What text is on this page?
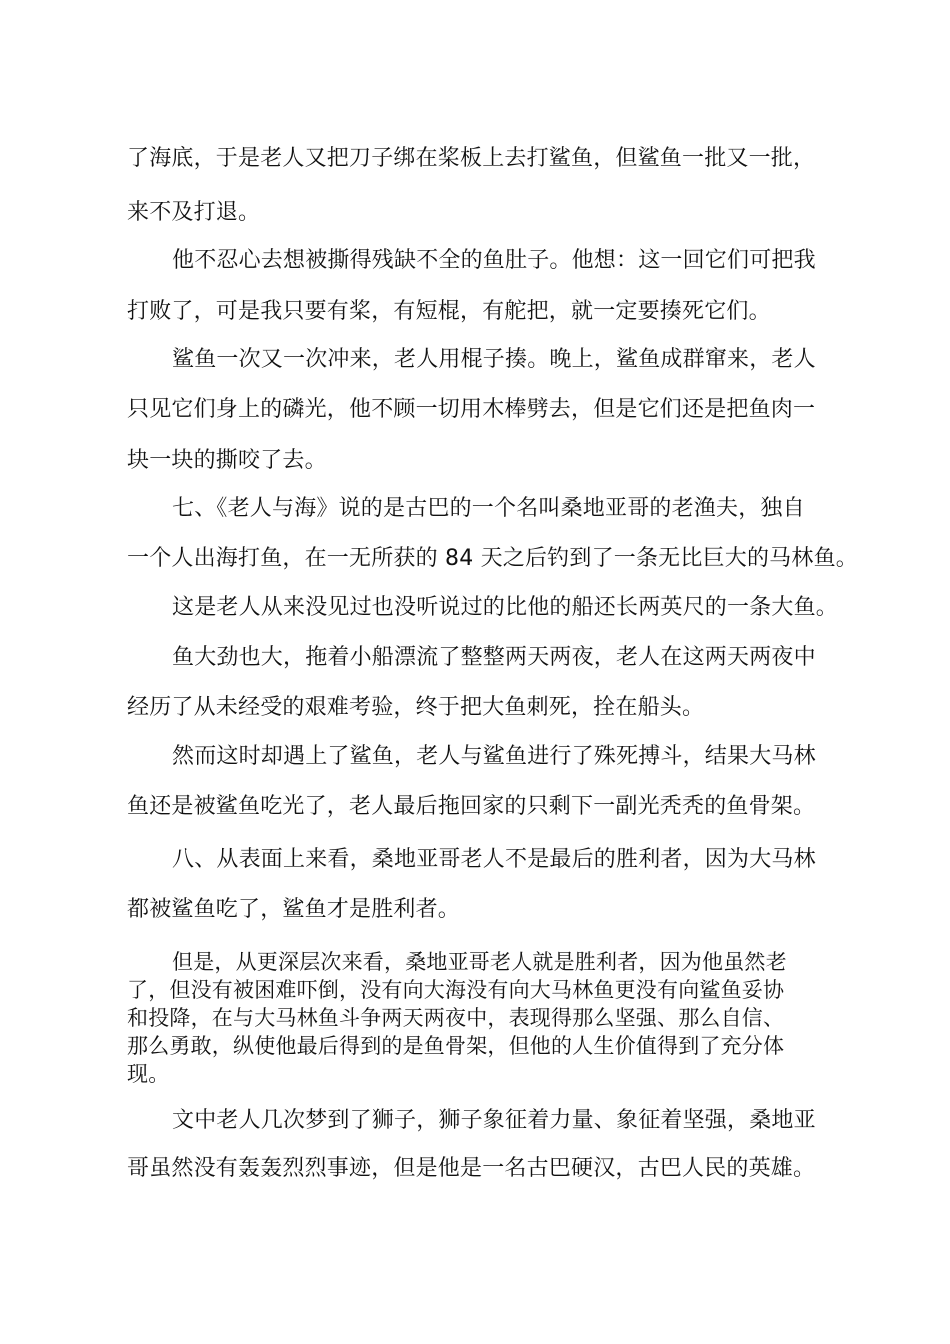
了海底，于是老人又把刀子绑在桨板上去打鲨鱼，但鲨鱼一批又一批，
来不及打退。
他不忍心去想被撕得残缺不全的鱼肚子。他想：这一回它们可把我
打败了，可是我只要有桨，有短棍，有舵把，就一定要揍死它们。
鲨鱼一次又一次冲来，老人用棍子揍。晚上，鲨鱼成群窜来，老人
只见它们身上的磷光，他不顾一切用木棒劈去，但是它们还是把鱼肉一
块一块的撕咬了去。
七、《老人与海》说的是古巴的一个名叫桑地亚哥的老渔夫，独自
一个人出海打鱼，在一无所获的 84 天之后钓到了一条无比巨大的马林鱼。
这是老人从来没见过也没听说过的比他的船还长两英尺的一条大鱼。
鱼大劲也大，拖着小船漂流了整整两天两夜，老人在这两天两夜中
经历了从未经受的艰难考验，终于把大鱼刺死，拴在船头。
然而这时却遇上了鲨鱼，老人与鲨鱼进行了殊死搏斗，结果大马林
鱼还是被鲨鱼吃光了，老人最后拖回家的只剩下一副光秃秃的鱼骨架。
八、从表面上来看，桑地亚哥老人不是最后的胜利者，因为大马林
都被鲨鱼吃了，鲨鱼才是胜利者。
但是，从更深层次来看，桑地亚哥老人就是胜利者，因为他虽然老
了，但没有被困难吓倒，没有向大海没有向大马林鱼更没有向鲨鱼妥协
和投降，在与大马林鱼斗争两天两夜中，表现得那么坚强、那么自信、
那么勇敢，纵使他最后得到的是鱼骨架，但他的人生价值得到了充分体
现。
文中老人几次梦到了狮子，狮子象征着力量、象征着坚强，桑地亚
哥虽然没有轰轰烈烈事迹，但是他是一名古巴硬汉，古巴人民的英雄。
